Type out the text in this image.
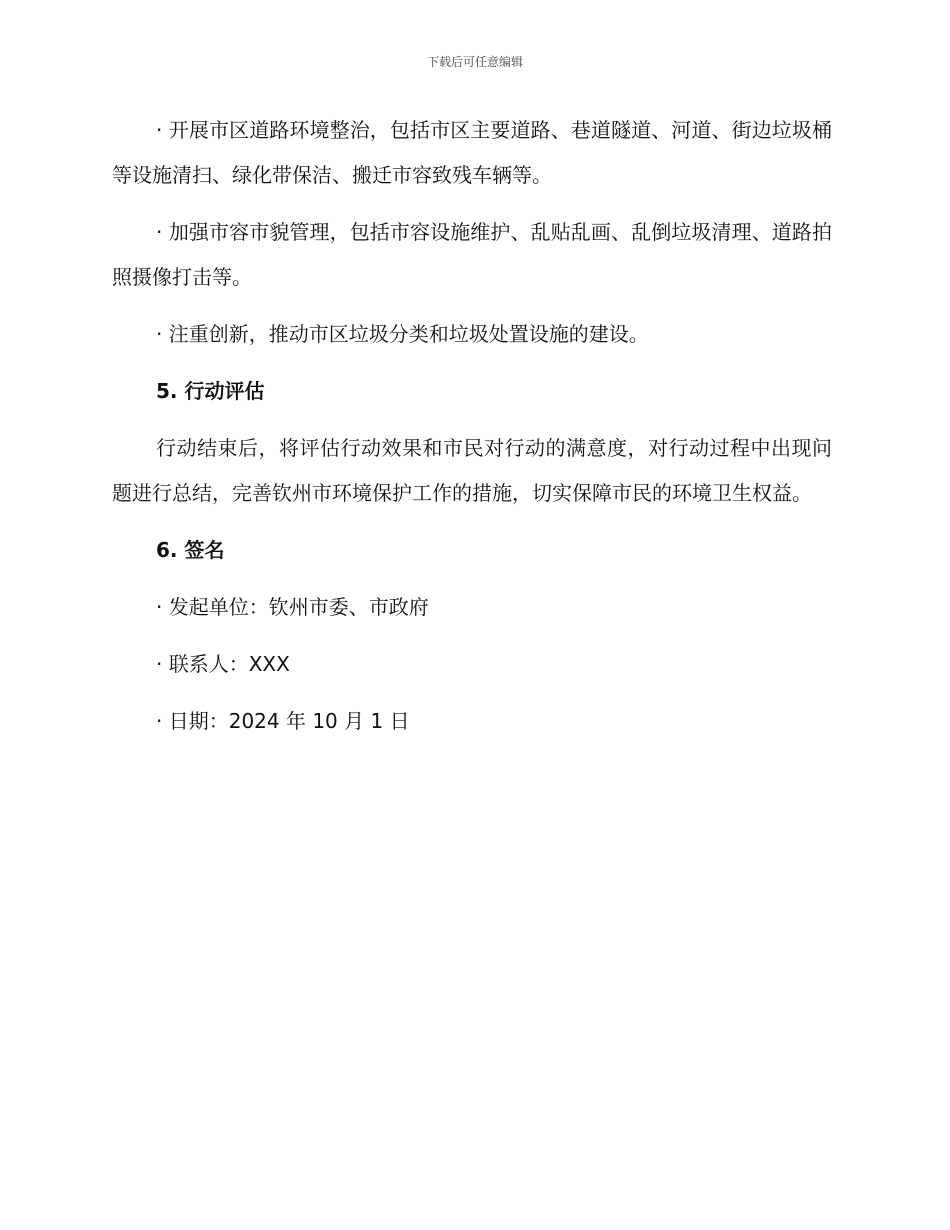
下载后可任意编辑

· 开展市区道路环境整治，包括市区主要道路、巷道隧道、河道、街边垃圾桶等设施清扫、绿化带保洁、搬迁市容致残车辆等。

· 加强市容市貌管理，包括市容设施维护、乱贴乱画、乱倒垃圾清理、道路拍照摄像打击等。

· 注重创新，推动市区垃圾分类和垃圾处置设施的建设。

5. 行动评估

行动结束后，将评估行动效果和市民对行动的满意度，对行动过程中出现问题进行总结，完善钦州市环境保护工作的措施，切实保障市民的环境卫生权益。

6. 签名
· 发起单位：钦州市委、市政府
· 联系人：XXX
· 日期：2024 年 10 月 1 日
